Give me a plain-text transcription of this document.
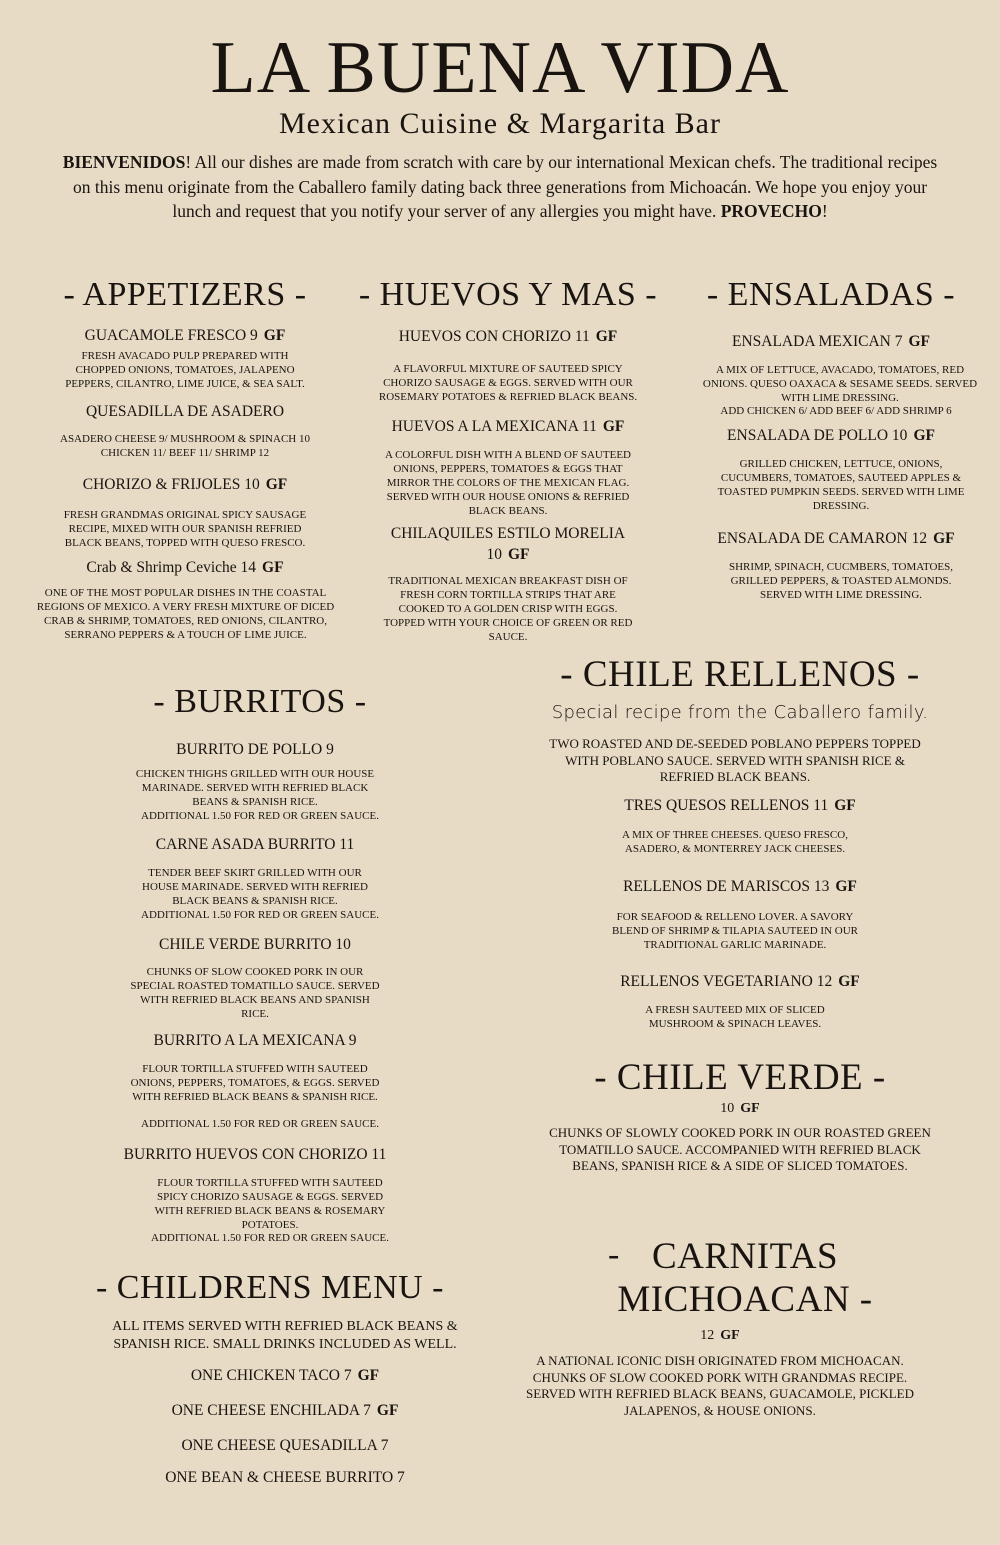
LA BUENA VIDA
Mexican Cuisine & Margarita Bar
BIENVENIDOS! All our dishes are made from scratch with care by our international Mexican chefs. The traditional recipes on this menu originate from the Caballero family dating back three generations from Michoacán. We hope you enjoy your lunch and request that you notify your server of any allergies you might have. PROVECHO!
- APPETIZERS -
GUACAMOLE FRESCO 9 GF
FRESH AVACADO PULP PREPARED WITH CHOPPED ONIONS, TOMATOES, JALAPENO PEPPERS, CILANTRO, LIME JUICE, & SEA SALT.
QUESADILLA DE ASADERO
ASADERO CHEESE 9/ MUSHROOM & SPINACH 10 CHICKEN 11/ BEEF 11/ SHRIMP 12
CHORIZO & FRIJOLES 10 GF
FRESH GRANDMAS ORIGINAL SPICY SAUSAGE RECIPE, MIXED WITH OUR SPANISH REFRIED BLACK BEANS, TOPPED WITH QUESO FRESCO.
Crab & Shrimp Ceviche 14 GF
ONE OF THE MOST POPULAR DISHES IN THE COASTAL REGIONS OF MEXICO. A VERY FRESH MIXTURE OF DICED CRAB & SHRIMP, TOMATOES, RED ONIONS, CILANTRO, SERRANO PEPPERS & A TOUCH OF LIME JUICE.
- HUEVOS Y MAS -
HUEVOS CON CHORIZO 11 GF
A FLAVORFUL MIXTURE OF SAUTEED SPICY CHORIZO SAUSAGE & EGGS. SERVED WITH OUR ROSEMARY POTATOES & REFRIED BLACK BEANS.
HUEVOS A LA MEXICANA 11 GF
A COLORFUL DISH WITH A BLEND OF SAUTEED ONIONS, PEPPERS, TOMATOES & EGGS THAT MIRROR THE COLORS OF THE MEXICAN FLAG. SERVED WITH OUR HOUSE ONIONS & REFRIED BLACK BEANS.
CHILAQUILES ESTILO MORELIA
10 GF
TRADITIONAL MEXICAN BREAKFAST DISH OF FRESH CORN TORTILLA STRIPS THAT ARE COOKED TO A GOLDEN CRISP WITH EGGS. TOPPED WITH YOUR CHOICE OF GREEN OR RED SAUCE.
- ENSALADAS -
ENSALADA MEXICAN 7 GF
A MIX OF LETTUCE, AVACADO, TOMATOES, RED ONIONS. QUESO OAXACA & SESAME SEEDS. SERVED WITH LIME DRESSING.
ADD CHICKEN 6/ ADD BEEF 6/ ADD SHRIMP 6
ENSALADA DE POLLO 10 GF
GRILLED CHICKEN, LETTUCE, ONIONS, CUCUMBERS, TOMATOES, SAUTEED APPLES & TOASTED PUMPKIN SEEDS. SERVED WITH LIME DRESSING.
ENSALADA DE CAMARON 12 GF
SHRIMP, SPINACH, CUCMBERS, TOMATOES, GRILLED PEPPERS, & TOASTED ALMONDS. SERVED WITH LIME DRESSING.
- BURRITOS -
BURRITO DE POLLO 9
CHICKEN THIGHS GRILLED WITH OUR HOUSE MARINADE. SERVED WITH REFRIED BLACK BEANS & SPANISH RICE.
ADDITIONAL 1.50 FOR RED OR GREEN SAUCE.
CARNE ASADA BURRITO 11
TENDER BEEF SKIRT GRILLED WITH OUR HOUSE MARINADE. SERVED WITH REFRIED BLACK BEANS & SPANISH RICE.
ADDITIONAL 1.50 FOR RED OR GREEN SAUCE.
CHILE VERDE BURRITO 10
CHUNKS OF SLOW COOKED PORK IN OUR SPECIAL ROASTED TOMATILLO SAUCE. SERVED WITH REFRIED BLACK BEANS AND SPANISH RICE.
BURRITO A LA MEXICANA 9
FLOUR TORTILLA STUFFED WITH SAUTEED ONIONS, PEPPERS, TOMATOES, & EGGS. SERVED WITH REFRIED BLACK BEANS & SPANISH RICE.
ADDITIONAL 1.50 FOR RED OR GREEN SAUCE.
BURRITO HUEVOS CON CHORIZO 11
FLOUR TORTILLA STUFFED WITH SAUTEED SPICY CHORIZO SAUSAGE & EGGS. SERVED WITH REFRIED BLACK BEANS & ROSEMARY POTATOES.
ADDITIONAL 1.50 FOR RED OR GREEN SAUCE.
- CHILDRENS MENU -
ALL ITEMS SERVED WITH REFRIED BLACK BEANS & SPANISH RICE. SMALL DRINKS INCLUDED AS WELL.
ONE CHICKEN TACO 7 GF
ONE CHEESE ENCHILADA 7 GF
ONE CHEESE QUESADILLA 7
ONE BEAN & CHEESE BURRITO 7
- CHILE RELLENOS -
Special recipe from the Caballero family.
TWO ROASTED AND DE-SEEDED POBLANO PEPPERS TOPPED WITH POBLANO SAUCE. SERVED WITH SPANISH RICE & REFRIED BLACK BEANS.
TRES QUESOS RELLENOS 11 GF
A MIX OF THREE CHEESES. QUESO FRESCO, ASADERO, & MONTERREY JACK CHEESES.
RELLENOS DE MARISCOS 13 GF
FOR SEAFOOD & RELLENO LOVER. A SAVORY BLEND OF SHRIMP & TILAPIA SAUTEED IN OUR TRADITIONAL GARLIC MARINADE.
RELLENOS VEGETARIANO 12 GF
A FRESH SAUTEED MIX OF SLICED MUSHROOM & SPINACH LEAVES.
- CHILE VERDE -
10 GF
CHUNKS OF SLOWLY COOKED PORK IN OUR ROASTED GREEN TOMATILLO SAUCE. ACCOMPANIED WITH REFRIED BLACK BEANS, SPANISH RICE & A SIDE OF SLICED TOMATOES.
- CARNITAS
MICHOACAN -
12 GF
A NATIONAL ICONIC DISH ORIGINATED FROM MICHOACAN. CHUNKS OF SLOW COOKED PORK WITH GRANDMAS RECIPE. SERVED WITH REFRIED BLACK BEANS, GUACAMOLE, PICKLED JALAPENOS, & HOUSE ONIONS.
